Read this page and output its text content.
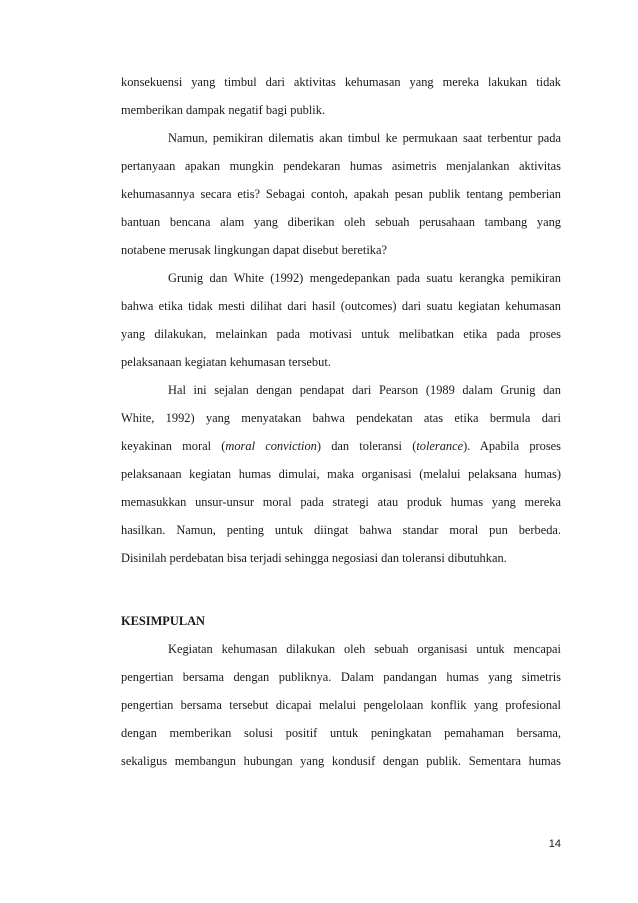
konsekuensi yang timbul dari aktivitas kehumasan yang mereka lakukan tidak
memberikan dampak negatif bagi publik.
Namun, pemikiran dilematis akan timbul ke permukaan saat terbentur pada
pertanyaan apakan mungkin pendekaran humas asimetris menjalankan aktivitas
kehumasannya secara etis? Sebagai contoh, apakah pesan publik tentang pemberian
bantuan bencana alam yang diberikan oleh sebuah perusahaan tambang yang
notabene merusak lingkungan dapat disebut beretika?
Grunig dan White (1992) mengedepankan pada suatu kerangka pemikiran
bahwa etika tidak mesti dilihat dari hasil (outcomes) dari suatu kegiatan kehumasan
yang dilakukan, melainkan pada motivasi untuk melibatkan etika pada proses
pelaksanaan kegiatan kehumasan tersebut.
Hal ini sejalan dengan pendapat dari Pearson (1989 dalam Grunig dan
White, 1992) yang menyatakan bahwa pendekatan atas etika bermula dari
keyakinan moral (moral conviction) dan toleransi (tolerance). Apabila proses
pelaksanaan kegiatan humas dimulai, maka organisasi (melalui pelaksana humas)
memasukkan unsur-unsur moral pada strategi atau produk humas yang mereka
hasilkan. Namun, penting untuk diingat bahwa standar moral pun berbeda.
Disinilah perdebatan bisa terjadi sehingga negosiasi dan toleransi dibutuhkan.
KESIMPULAN
Kegiatan kehumasan dilakukan oleh sebuah organisasi untuk mencapai
pengertian bersama dengan publiknya. Dalam pandangan humas yang simetris
pengertian bersama tersebut dicapai melalui pengelolaan konflik yang profesional
dengan memberikan solusi positif untuk peningkatan pemahaman bersama,
sekaligus membangun hubungan yang kondusif dengan publik. Sementara humas
14
